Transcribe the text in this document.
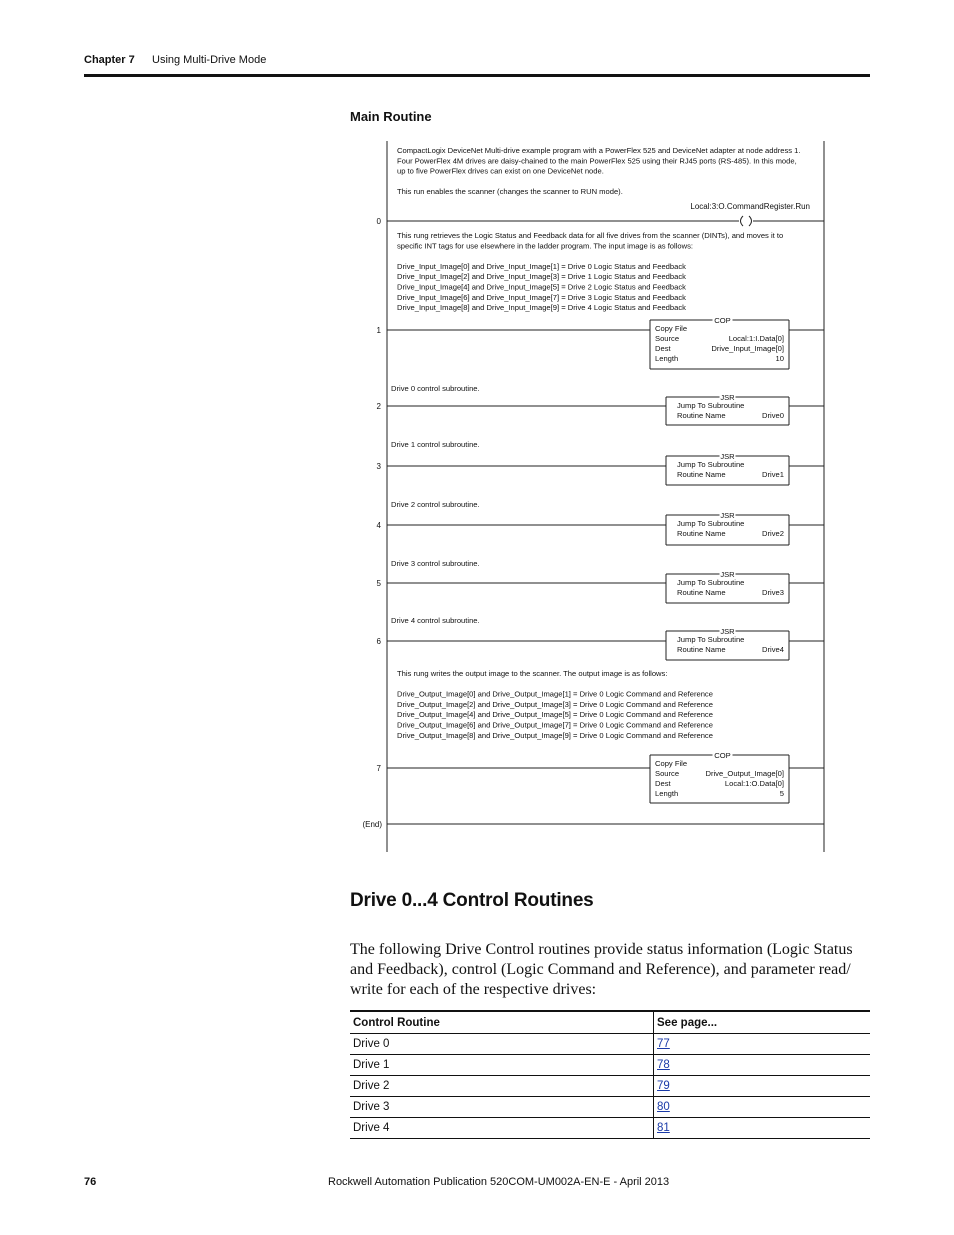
Chapter 7 Using Multi-Drive Mode
Main Routine
CompactLogix DeviceNet Multi-drive example program with a PowerFlex 525 and DeviceNet adapter at node address 1.
Four PowerFlex 4M drives are daisy-chained to the main PowerFlex 525 using their RJ45 ports (RS-485). In this mode,
up to five PowerFlex drives can exist on one DeviceNet node.
This run enables the scanner (changes the scanner to RUN mode).
0
Local:3:O.CommandRegister.Run
This rung retrieves the Logic Status and Feedback data for all five drives from the scanner (DINTs), and moves it to
specific INT tags for use elsewhere in the ladder program. The input image is as follows:
Drive_Input_Image[0] and Drive_Input_Image[1] = Drive 0 Logic Status and Feedback
Drive_Input_Image[2] and Drive_Input_Image[3] = Drive 1 Logic Status and Feedback
Drive_Input_Image[4] and Drive_Input_Image[5] = Drive 2 Logic Status and Feedback
Drive_Input_Image[6] and Drive_Input_Image[7] = Drive 3 Logic Status and Feedback
Drive_Input_Image[8] and Drive_Input_Image[9] = Drive 4 Logic Status and Feedback
1
COP
Copy File
Source	Local:1:I.Data[0]
Dest	Drive_Input_Image[0]
Length	10
Drive 0 control subroutine.
2
JSR
Jump To Subroutine
Routine Name	Drive0
Drive 1 control subroutine.
3
JSR
Jump To Subroutine
Routine Name	Drive1
Drive 2 control subroutine.
4
JSR
Jump To Subroutine
Routine Name	Drive2
Drive 3 control subroutine.
5
JSR
Jump To Subroutine
Routine Name	Drive3
Drive 4 control subroutine.
6
JSR
Jump To Subroutine
Routine Name	Drive4
This rung writes the output image to the scanner. The output image is as follows:
Drive_Output_Image[0] and Drive_Output_Image[1] = Drive 0 Logic Command and Reference
Drive_Output_Image[2] and Drive_Output_Image[3] = Drive 0 Logic Command and Reference
Drive_Output_Image[4] and Drive_Output_Image[5] = Drive 0 Logic Command and Reference
Drive_Output_Image[6] and Drive_Output_Image[7] = Drive 0 Logic Command and Reference
Drive_Output_Image[8] and Drive_Output_Image[9] = Drive 0 Logic Command and Reference
7
COP
Copy File
Source	Drive_Output_Image[0]
Dest	Local:1:O.Data[0]
Length	5
(End)
Drive 0...4 Control Routines
The following Drive Control routines provide status information (Logic Status and Feedback), control (Logic Command and Reference), and parameter read/ write for each of the respective drives:
Control Routine	See page...
Drive 0	77
Drive 1	78
Drive 2	79
Drive 3	80
Drive 4	81
76	Rockwell Automation Publication 520COM-UM002A-EN-E - April 2013
